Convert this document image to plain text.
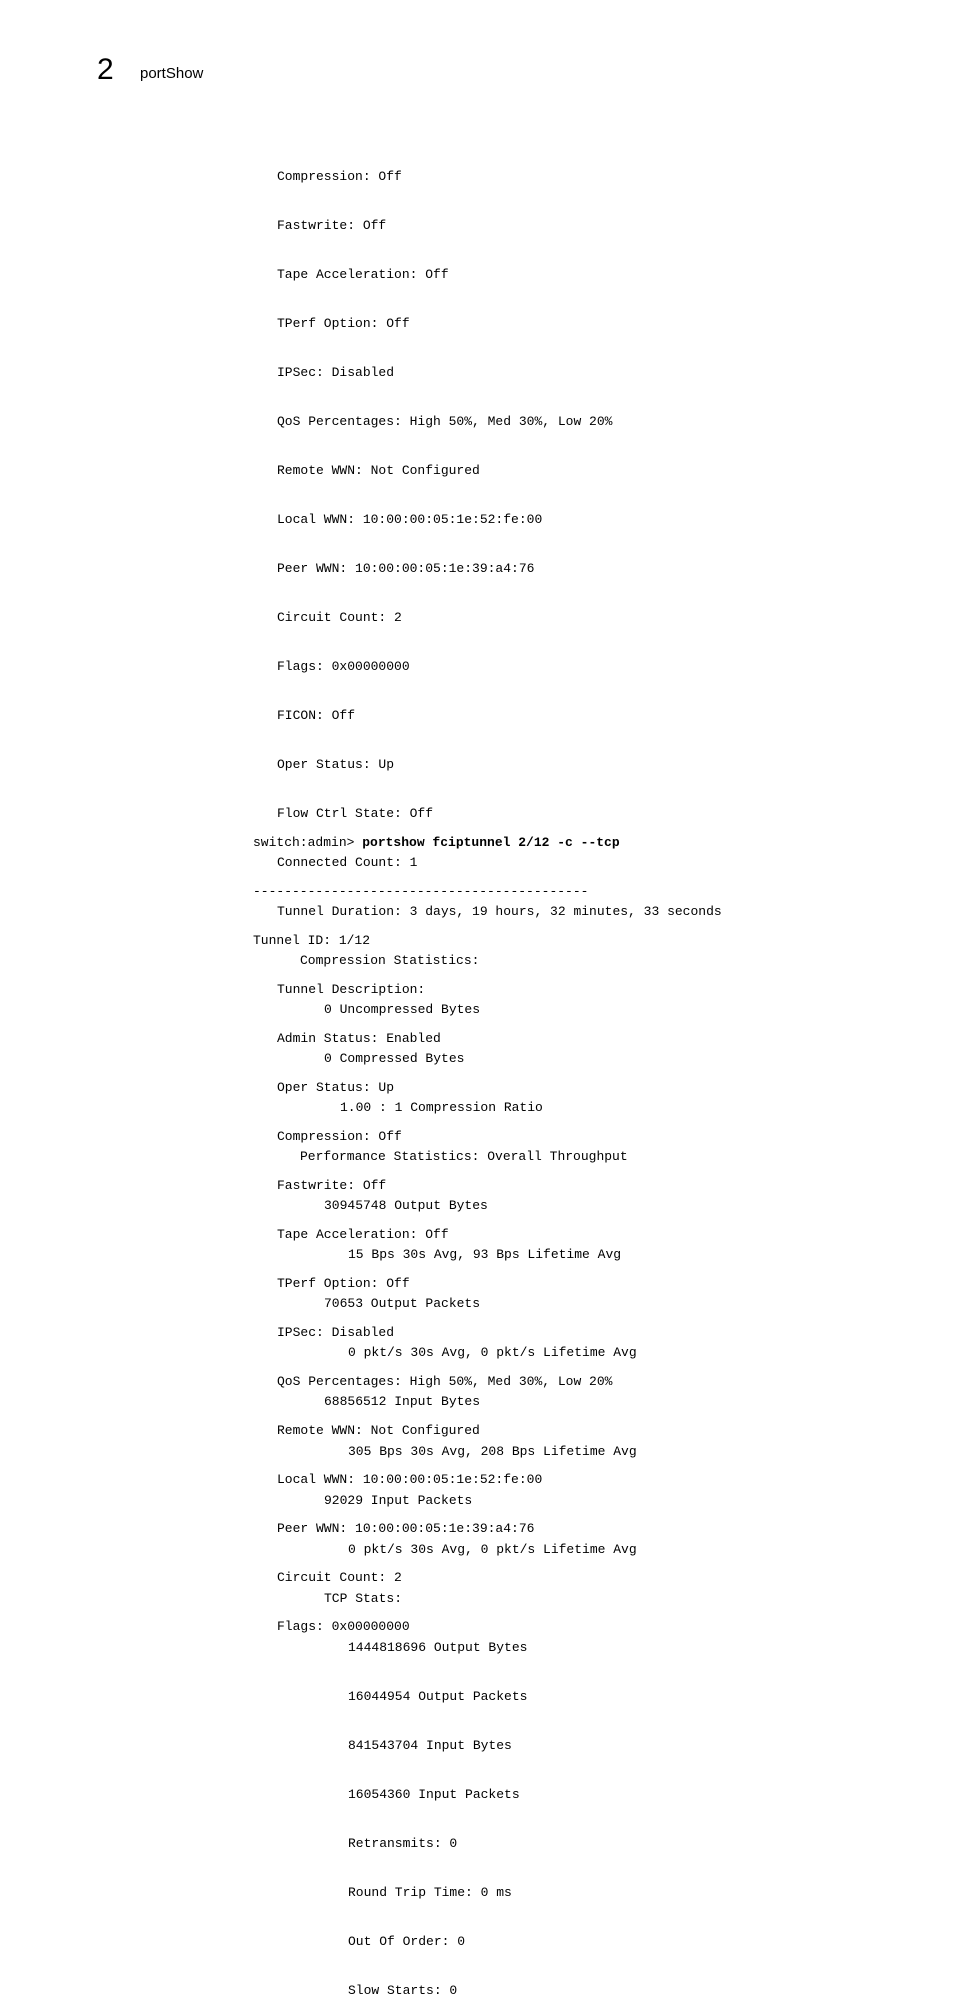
2 portShow

Compression: Off

Fastwrite: Off

Tape Acceleration: Off

TPerf Option: Off

IPSec: Disabled

QoS Percentages: High 50%, Med 30%, Low 20%

Remote WWN: Not Configured

Local WWN: 10:00:00:05:1e:52:fe:00

Peer WWN: 10:00:00:05:1e:39:a4:76

Circuit Count: 2

Flags: 0x00000000

FICON: Off

Oper Status: Up

Flow Ctrl State: Off

Connected Count: 1

Tunnel Duration: 3 days, 19 hours, 32 minutes, 33 seconds

Compression Statistics:

0 Uncompressed Bytes

0 Compressed Bytes

1.00 : 1 Compression Ratio

Performance Statistics: Overall Throughput

30945748 Output Bytes

15 Bps 30s Avg, 93 Bps Lifetime Avg

70653 Output Packets

0 pkt/s 30s Avg, 0 pkt/s Lifetime Avg

68856512 Input Bytes

305 Bps 30s Avg, 208 Bps Lifetime Avg

92029 Input Packets

0 pkt/s 30s Avg, 0 pkt/s Lifetime Avg

TCP Stats:

1444818696 Output Bytes

16044954 Output Packets

841543704 Input Bytes

16054360 Input Packets

Retransmits: 0

Round Trip Time: 0 ms

Out Of Order: 0

Slow Starts: 0

switch:admin> portshow fciptunnel 2/12 -c --tcp

-------------------------------------------

Tunnel ID: 1/12

Tunnel Description:

Admin Status: Enabled

Oper Status: Up

Compression: Off

Fastwrite: Off

Tape Acceleration: Off

TPerf Option: Off

IPSec: Disabled

QoS Percentages: High 50%, Med 30%, Low 20%

Remote WWN: Not Configured

Local WWN: 10:00:00:05:1e:52:fe:00

Peer WWN: 10:00:00:05:1e:39:a4:76

Circuit Count: 2

Flags: 0x00000000
